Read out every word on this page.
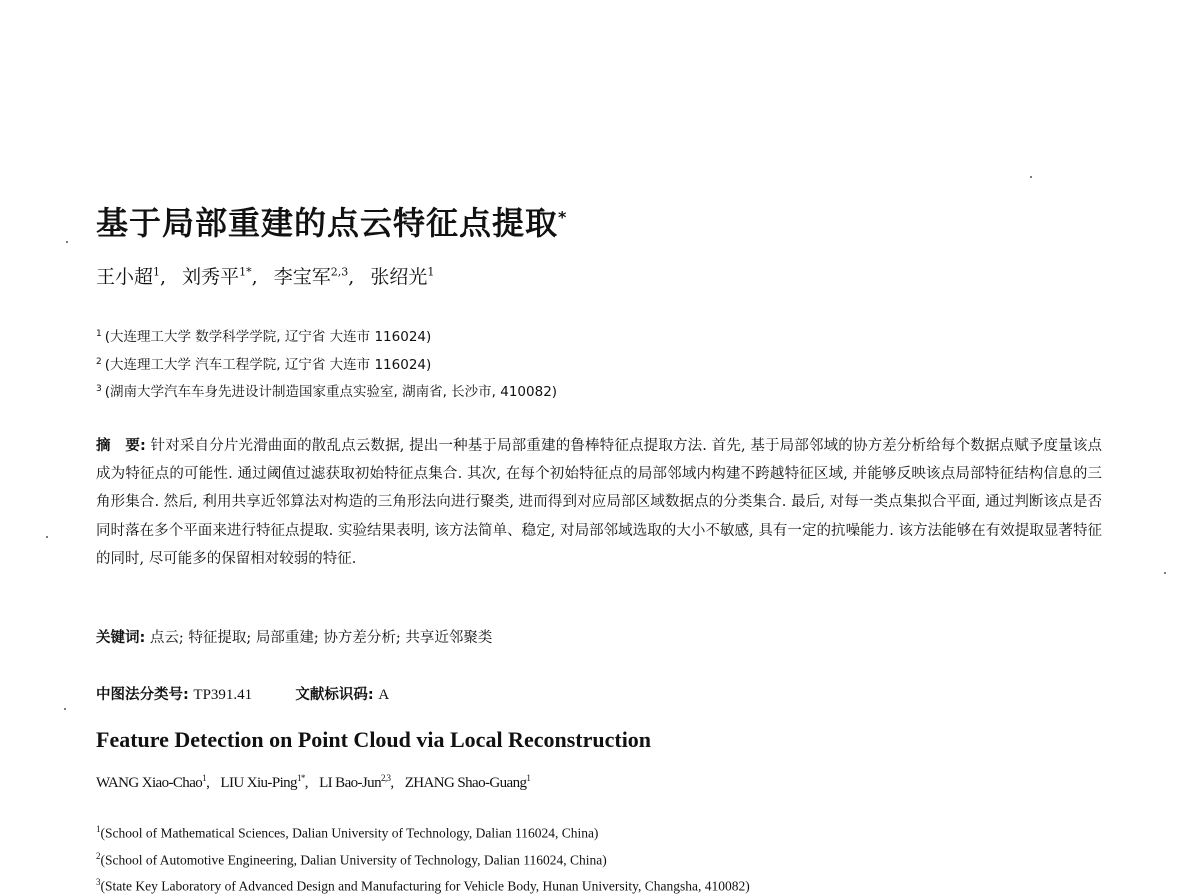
基于局部重建的点云特征点提取*
王小超$^1$, 刘秀平$^{1*}$, 李宝军$^{2,3}$, 张绍光$^1$
$^1$ (大连理工大学 数学科学学院, 辽宁省 大连市 116024)
$^2$ (大连理工大学 汽车工程学院, 辽宁省 大连市 116024)
$^3$ (湖南大学汽车车身先进设计制造国家重点实验室, 湖南省, 长沙市, 410082)

摘　要: 针对采自分片光滑曲面的散乱点云数据, 提出一种基于局部重建的鲁棒特征点提取方法. 首先, 基于局部邻域的协方差分析给每个数据点赋予度量该点成为特征点的可能性. 通过阈值过滤获取初始特征点集合. 其次, 在每个初始特征点的局部邻域内构建不跨越特征区域, 并能够反映该点局部特征结构信息的三角形集合. 然后, 利用共享近邻算法对构造的三角形法向进行聚类, 进而得到对应局部区域数据点的分类集合. 最后, 对每一类点集拟合平面, 通过判断该点是否同时落在多个平面来进行特征点提取. 实验结果表明, 该方法简单、稳定, 对局部邻域选取的大小不敏感, 具有一定的抗噪能力. 该方法能够在有效提取显著特征的同时, 尽可能多的保留相对较弱的特征.

关键词: 点云; 特征提取; 局部重建; 协方差分析; 共享近邻聚类
中图法分类号: TP391.41	文献标识码: A
Feature Detection on Point Cloud via Local Reconstruction
WANG Xiao-Chao$^1$, LIU Xiu-Ping$^{1*}$, LI Bao-Jun$^{2,3}$, ZHANG Shao-Guang$^1$
$^1$(School of Mathematical Sciences, Dalian University of Technology, Dalian 116024, China)
$^2$(School of Automotive Engineering, Dalian University of Technology, Dalian 116024, China)
$^3$(State Key Laboratory of Advanced Design and Manufacturing for Vehicle Body, Hunan University, Changsha, 410082)
